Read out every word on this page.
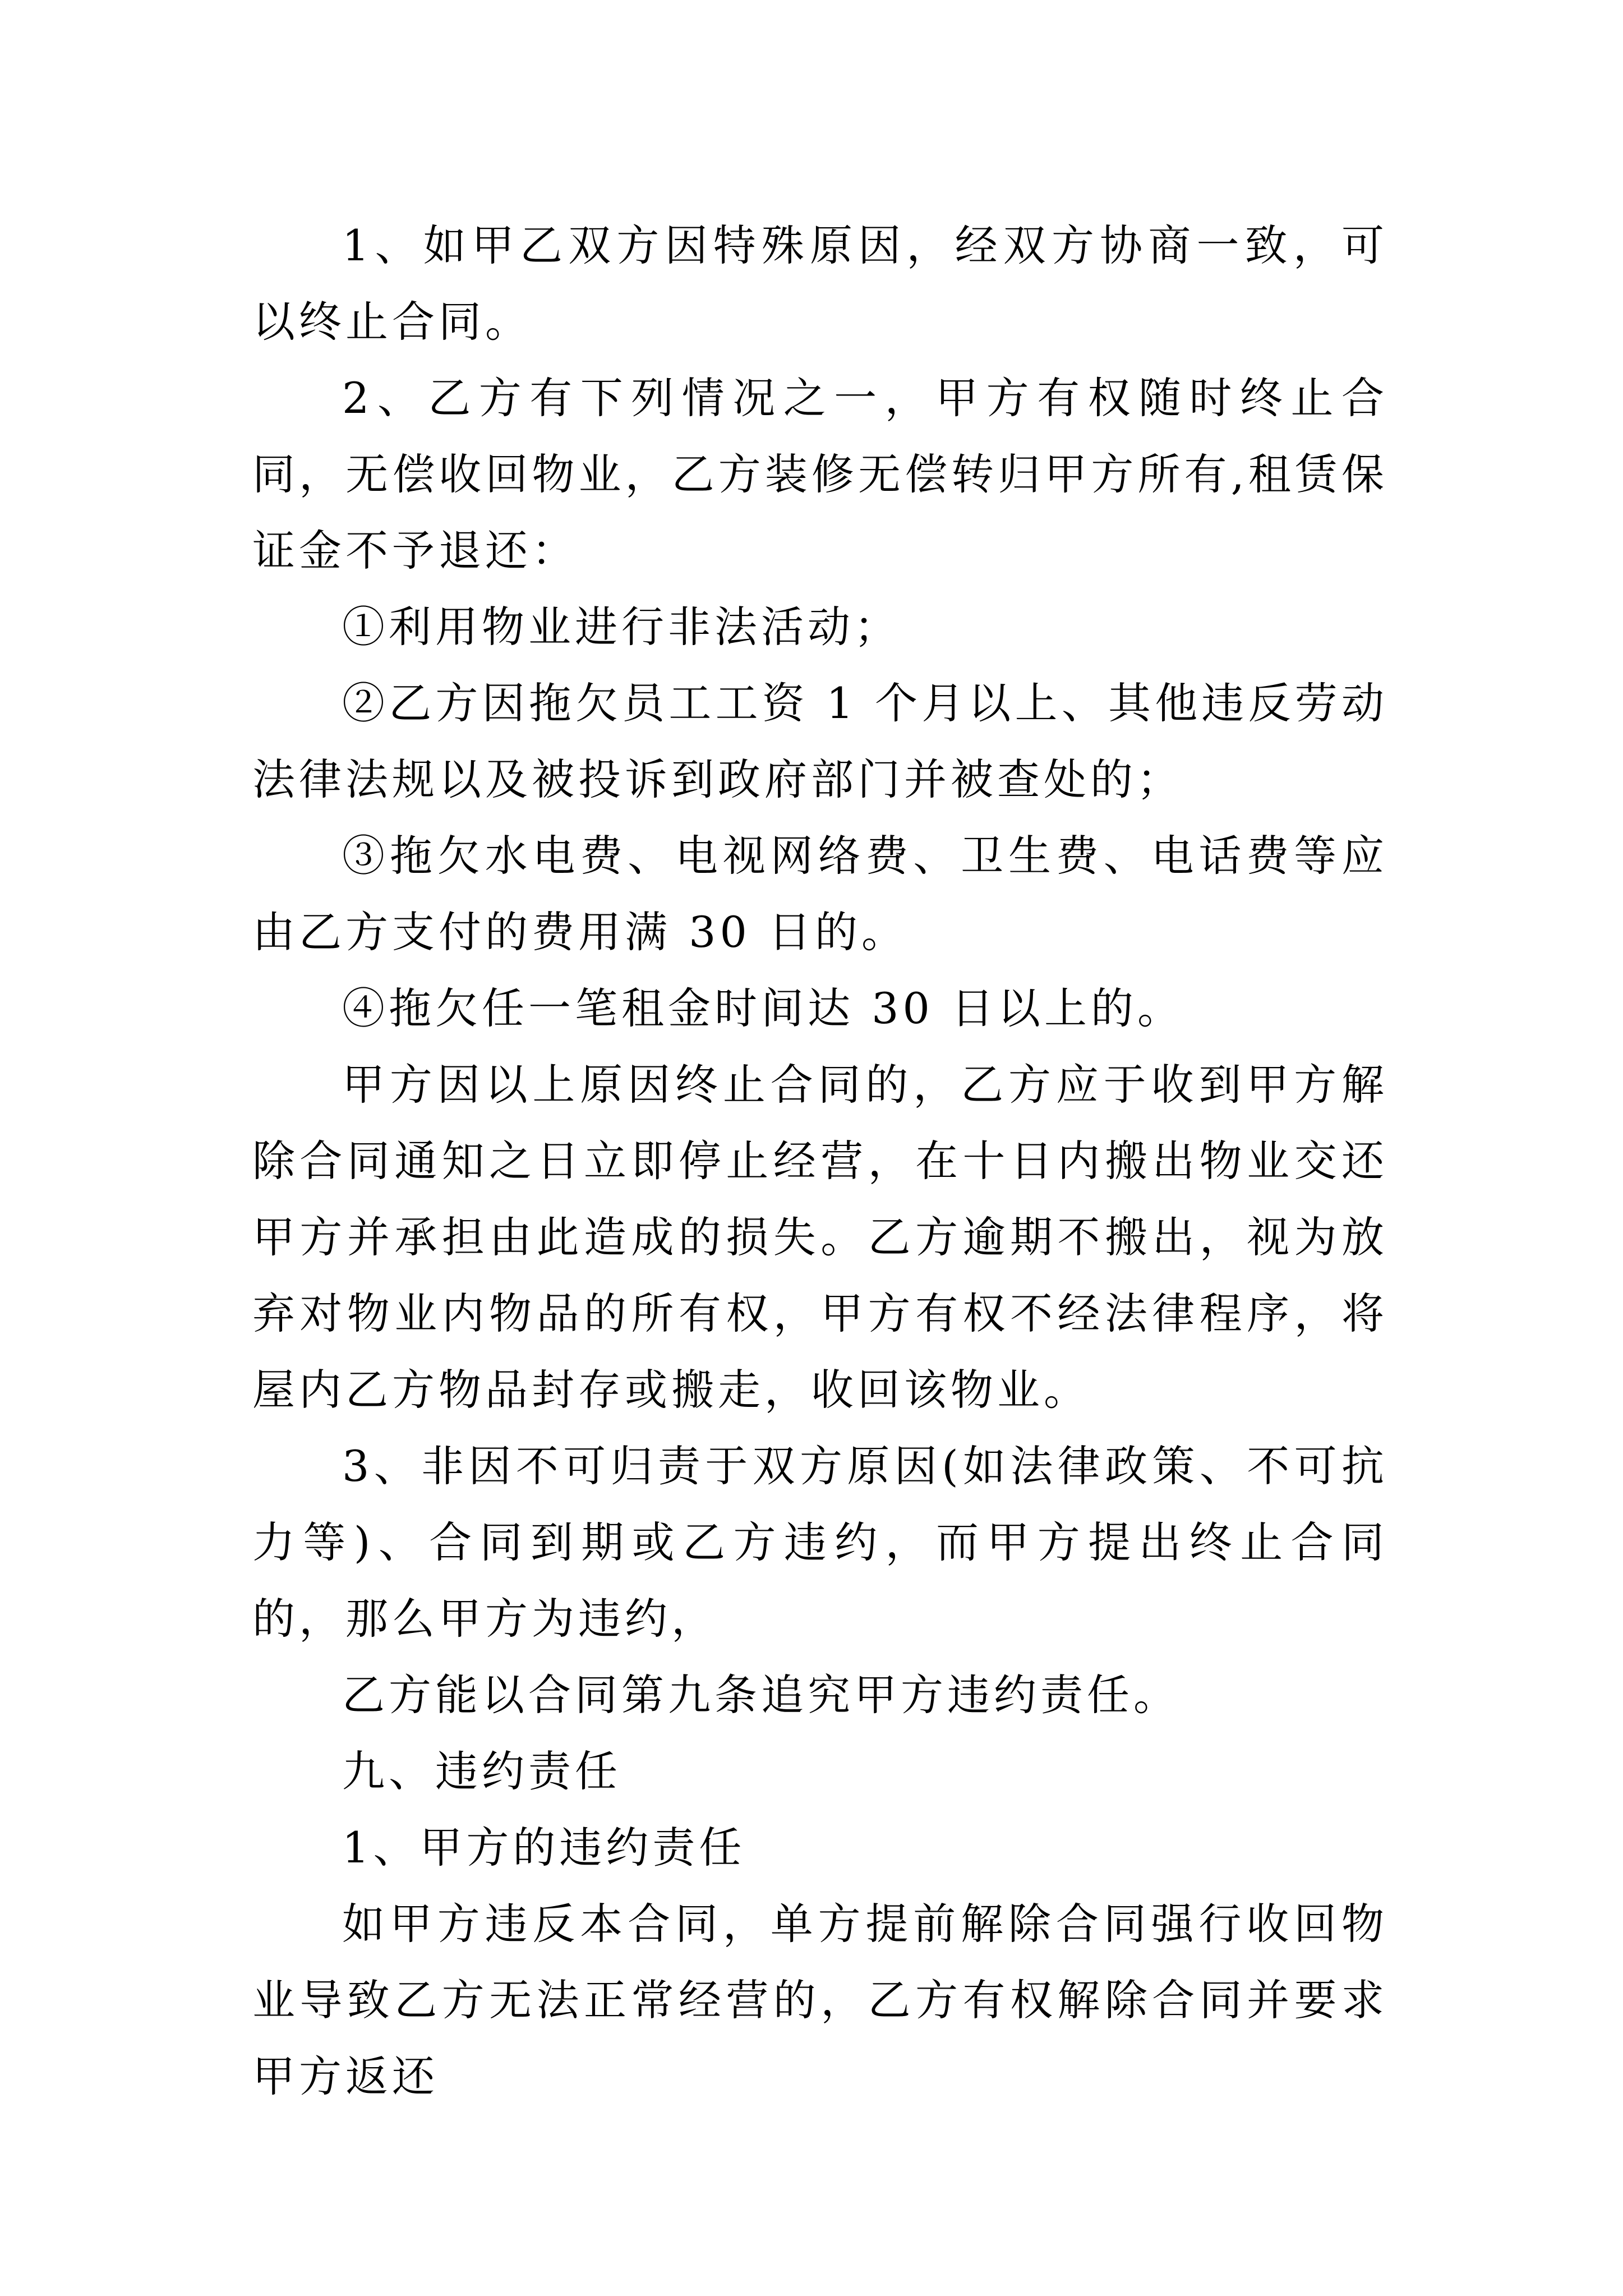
1、如甲乙双方因特殊原因，经双方协商一致，可以终止合同。

2、乙方有下列情况之一，甲方有权随时终止合同，无偿收回物业，乙方装修无偿转归甲方所有,租赁保证金不予退还：

①利用物业进行非法活动；

②乙方因拖欠员工工资 1 个月以上、其他违反劳动法律法规以及被投诉到政府部门并被查处的；

③拖欠水电费、电视网络费、卫生费、电话费等应由乙方支付的费用满 30 日的。

④拖欠任一笔租金时间达 30 日以上的。

甲方因以上原因终止合同的，乙方应于收到甲方解除合同通知之日立即停止经营，在十日内搬出物业交还甲方并承担由此造成的损失。乙方逾期不搬出，视为放弃对物业内物品的所有权，甲方有权不经法律程序，将屋内乙方物品封存或搬走，收回该物业。

3、非因不可归责于双方原因(如法律政策、不可抗力等)、合同到期或乙方违约，而甲方提出终止合同的，那么甲方为违约，

乙方能以合同第九条追究甲方违约责任。

九、违约责任

1、甲方的违约责任

如甲方违反本合同，单方提前解除合同强行收回物业导致乙方无法正常经营的，乙方有权解除合同并要求甲方返还
